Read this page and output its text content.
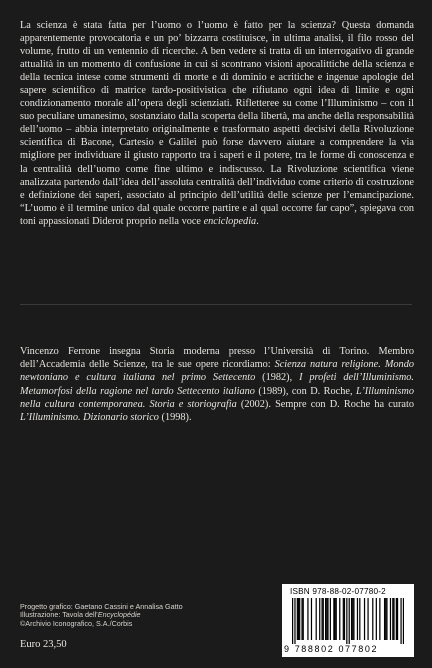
La scienza è stata fatta per l’uomo o l’uomo è fatto per la scienza? Questa domanda apparentemente provocatoria e un po’ bizzarra costituisce, in ultima analisi, il filo rosso del volume, frutto di un ventennio di ricerche. A ben vedere si tratta di un interrogativo di grande attualità in un momento di confusione in cui si scontrano visioni apocalittiche della scienza e della tecnica intese come strumenti di morte e di dominio e acritiche e ingenue apologie del sapere scientifico di matrice tardo-positivistica che rifiutano ogni idea di limite e ogni condizionamento morale all’opera degli scienziati. Rifletteree su come l’Illuminismo – con il suo peculiare umanesimo, sostanziato dalla scoperta della libertà, ma anche della responsabilità dell’uomo – abbia interpretato originalmente e trasformato aspetti decisivi della Rivoluzione scientifica di Bacone, Cartesio e Galilei può forse davvero aiutare a comprendere la via migliore per individuare il giusto rapporto tra i saperi e il potere, tra le forme di conoscenza e la centralità dell’uomo come fine ultimo e indiscusso. La Rivoluzione scientifica viene analizzata partendo dall’idea dell’assoluta centralità dell’individuo come criterio di costruzione e definizione dei saperi, associato al principio dell’utilità delle scienze per l’emancipazione. “L’uomo è il termine unico dal quale occorre partire e al qual occorre far capo”, spiegava con toni appassionati Diderot proprio nella voce enciclopedia.

Vincenzo Ferrone insegna Storia moderna presso l’Università di Torino. Membro dell’Accademia delle Scienze, tra le sue opere ricordiamo: Scienza natura religione. Mondo newtoniano e cultura italiana nel primo Settecento (1982), I profeti dell’Illuminismo. Metamorfosi della ragione nel tardo Settecento italiano (1989), con D. Roche, L’Illuminismo nella cultura contemporanea. Storia e storiografia (2002). Sempre con D. Roche ha curato L’Illuminismo. Dizionario storico (1998).

Progetto grafico: Gaetano Cassini e Annalisa Gatto
Illustrazione: Tavola dell’Encyclopédie
©Archivio Iconografico, S.A./Corbis
Euro 23,50
ISBN 978-88-02-07780-2
9 788802 077802
